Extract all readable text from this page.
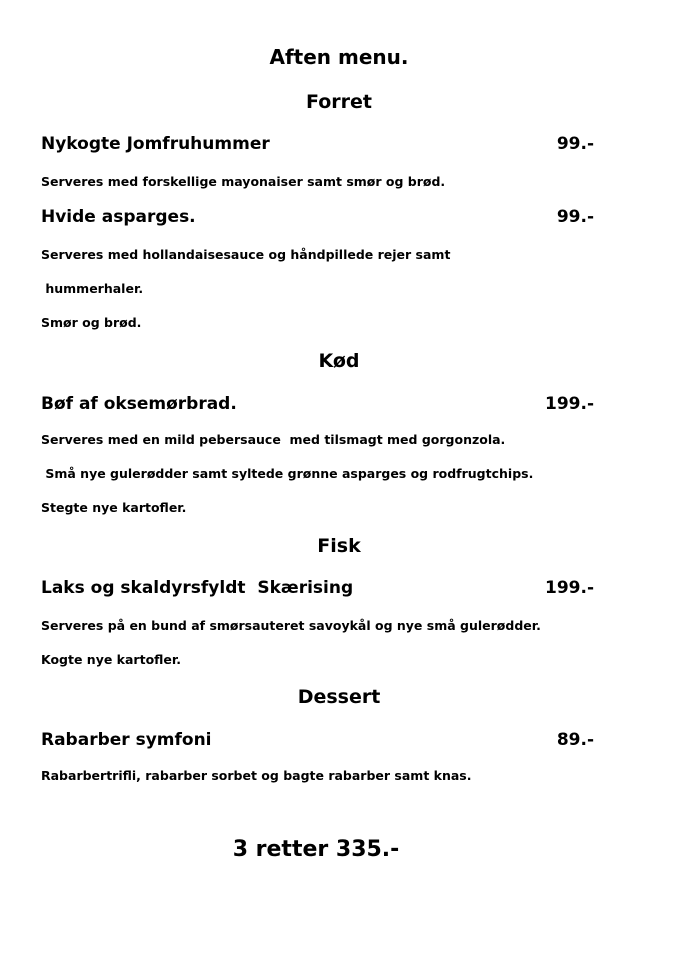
Aften menu.
Forret
Nykogte Jomfruhummer	99.-
Serveres med forskellige mayonaiser samt smør og brød.
Hvide asparges.	99.-
Serveres med hollandaisesauce og håndpillede rejer samt
hummerhaler.
Smør og brød.
Kød
Bøf af oksemørbrad.	199.-
Serveres med en mild pebersauce  med tilsmagt med gorgonzola.
Små nye gulerødder samt syltede grønne asparges og rodfrugtchips.
Stegte nye kartofler.
Fisk
Laks og skaldyrsfyldt  Skærising	199.-
Serveres på en bund af smørsauteret savoykål og nye små gulerødder.
Kogte nye kartofler.
Dessert
Rabarber symfoni	89.-
Rabarbertrifli, rabarber sorbet og bagte rabarber samt knas.
3 retter 335.-
